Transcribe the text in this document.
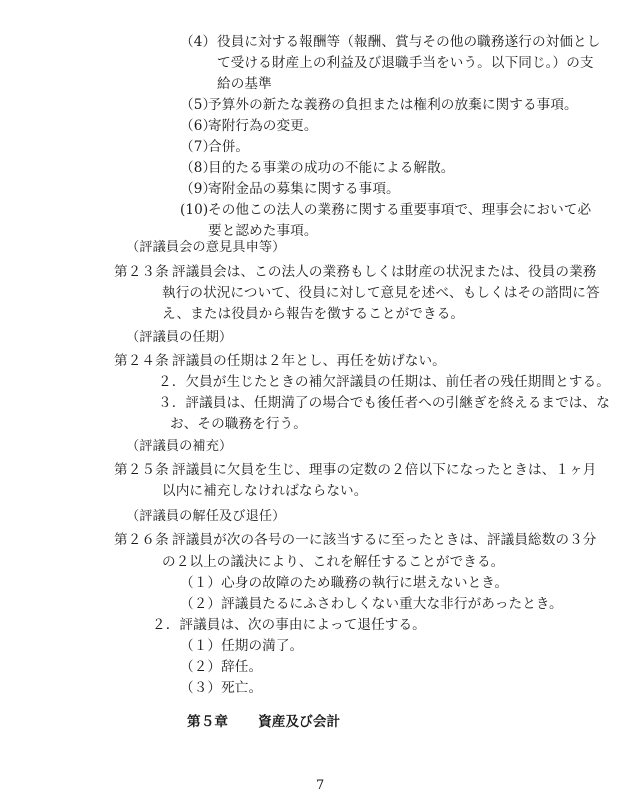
（4）役員に対する報酬等（報酬、賞与その他の職務遂行の対価とし
て受ける財産上の利益及び退職手当をいう。以下同じ。）の支
給の基準
（5）予算外の新たな義務の負担または権利の放棄に関する事項。
（6）寄附行為の変更。
（7）合併。
（8）目的たる事業の成功の不能による解散。
（9）寄附金品の募集に関する事項。
(10)その他この法人の業務に関する重要事項で、理事会において必
要と認めた事項。
（評議員会の意見具申等）
第２３条 評議員会は、この法人の業務もしくは財産の状況または、役員の業務
執行の状況について、役員に対して意見を述べ、もしくはその諮問に答
え、または役員から報告を徴することができる。
（評議員の任期）
第２４条 評議員の任期は２年とし、再任を妨げない。
２．欠員が生じたときの補欠評議員の任期は、前任者の残任期間とする。
３．評議員は、任期満了の場合でも後任者への引継ぎを終えるまでは、な
お、その職務を行う。
（評議員の補充）
第２５条 評議員に欠員を生じ、理事の定数の２倍以下になったときは、１ヶ月
以内に補充しなければならない。
（評議員の解任及び退任）
第２６条 評議員が次の各号の一に該当するに至ったときは、評議員総数の３分
の２以上の議決により、これを解任することができる。
（１）心身の故障のため職務の執行に堪えないとき。
（２）評議員たるにふさわしくない重大な非行があったとき。
２．評議員は、次の事由によって退任する。
（１）任期の満了。
（２）辞任。
（３）死亡。
第５章 資産及び会計
7
